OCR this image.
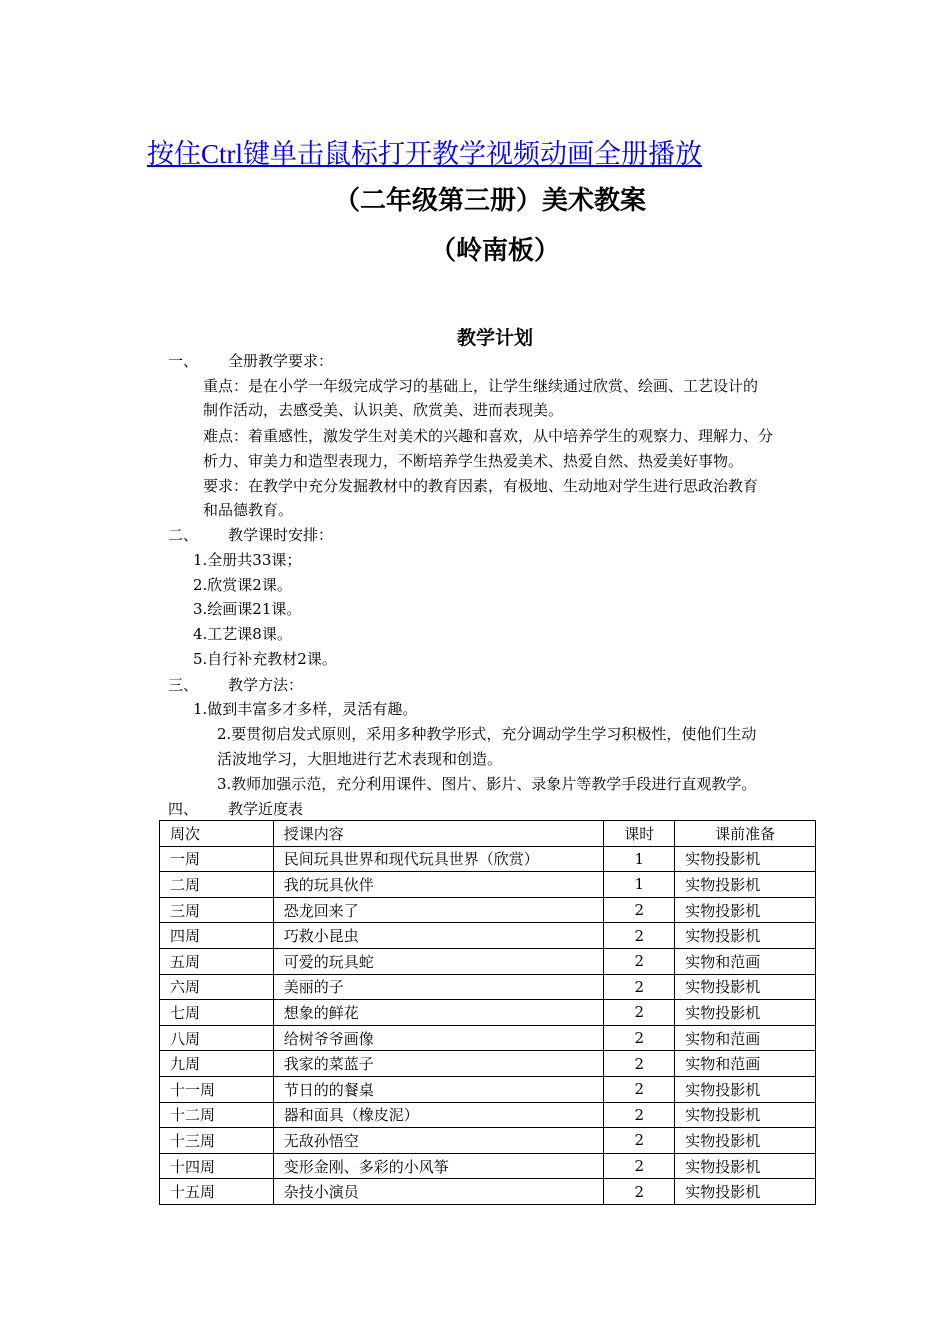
按住Ctrl键单击鼠标打开教学视频动画全册播放
（二年级第三册）美术教案
（岭南板）
教学计划
一、 全册教学要求：
重点：是在小学一年级完成学习的基础上，让学生继续通过欣赏、绘画、工艺设计的
制作活动，去感受美、认识美、欣赏美、进而表现美。
难点：着重感性，激发学生对美术的兴趣和喜欢，从中培养学生的观察力、理解力、分
析力、审美力和造型表现力，不断培养学生热爱美术、热爱自然、热爱美好事物。
要求：在教学中充分发掘教材中的教育因素，有极地、生动地对学生进行思政治教育
和品德教育。
二、 教学课时安排：
1.全册共33课；
2.欣赏课2课。
3.绘画课21课。
4.工艺课8课。
5.自行补充教材2课。
三、 教学方法：
1.做到丰富多才多样，灵活有趣。
2.要贯彻启发式原则，采用多种教学形式，充分调动学生学习积极性，使他们生动
活波地学习，大胆地进行艺术表现和创造。
3.教师加强示范，充分利用课件、图片、影片、录象片等教学手段进行直观教学。
四、 教学近度表
周次	授课内容	课时	课前准备
一周	民间玩具世界和现代玩具世界（欣赏）	1	实物投影机
二周	我的玩具伙伴	1	实物投影机
三周	恐龙回来了	2	实物投影机
四周	巧救小昆虫	2	实物投影机
五周	可爱的玩具蛇	2	实物和范画
六周	美丽的子	2	实物投影机
七周	想象的鲜花	2	实物投影机
八周	给树爷爷画像	2	实物和范画
九周	我家的菜蓝子	2	实物和范画
十一周	节日的的餐桌	2	实物投影机
十二周	器和面具（橡皮泥）	2	实物投影机
十三周	无敌孙悟空	2	实物投影机
十四周	变形金刚、多彩的小风筝	2	实物投影机
十五周	杂技小演员	2	实物投影机
